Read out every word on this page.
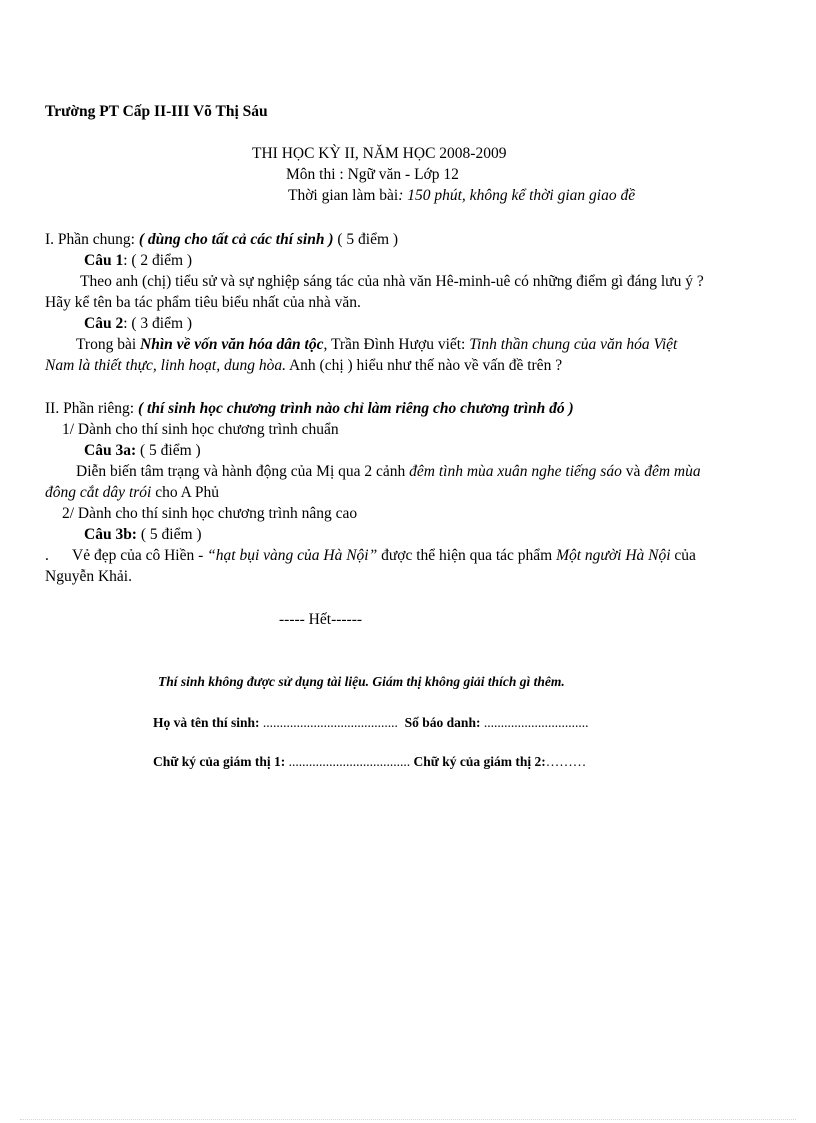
Trường PT Cấp II-III Võ Thị Sáu
THI HỌC KỲ II, NĂM HỌC 2008-2009
Môn thi : Ngữ văn - Lớp 12
Thời gian làm bài: 150 phút, không kể thời gian giao đề
I. Phần chung: ( dùng cho tất cả các thí sinh ) ( 5 điểm )
Câu 1: ( 2 điểm )
Theo anh (chị) tiểu sử và sự nghiệp sáng tác của nhà văn Hê-minh-uê có những điểm gì đáng lưu ý ?
Hãy kể tên ba tác phẩm tiêu biểu nhất của nhà văn.
Câu 2: ( 3 điểm )
Trong bài Nhìn về vốn văn hóa dân tộc, Trần Đình Hượu viết: Tinh thần chung của văn hóa Việt
Nam là thiết thực, linh hoạt, dung hòa. Anh (chị ) hiểu như thế nào về vấn đề trên ?
II. Phần riêng: ( thí sinh học chương trình nào chỉ làm riêng cho chương trình đó )
1/ Dành cho thí sinh học chương trình chuẩn
Câu 3a: ( 5 điểm )
Diễn biến tâm trạng và hành động của Mị qua 2 cảnh đêm tình mùa xuân nghe tiếng sáo và đêm mùa
đông cắt dây trói cho A Phủ
2/ Dành cho thí sinh học chương trình nâng cao
Câu 3b: ( 5 điểm )
. Vẻ đẹp của cô Hiền - “hạt bụi vàng của Hà Nội” được thể hiện qua tác phẩm Một người Hà Nội của
Nguyễn Khải.
----- Hết------
Thí sinh không được sử dụng tài liệu. Giám thị không giải thích gì thêm.
Họ và tên thí sinh: ........................................ Số báo danh: ...............................
Chữ ký của giám thị 1: .................................... Chữ ký của giám thị 2:………
